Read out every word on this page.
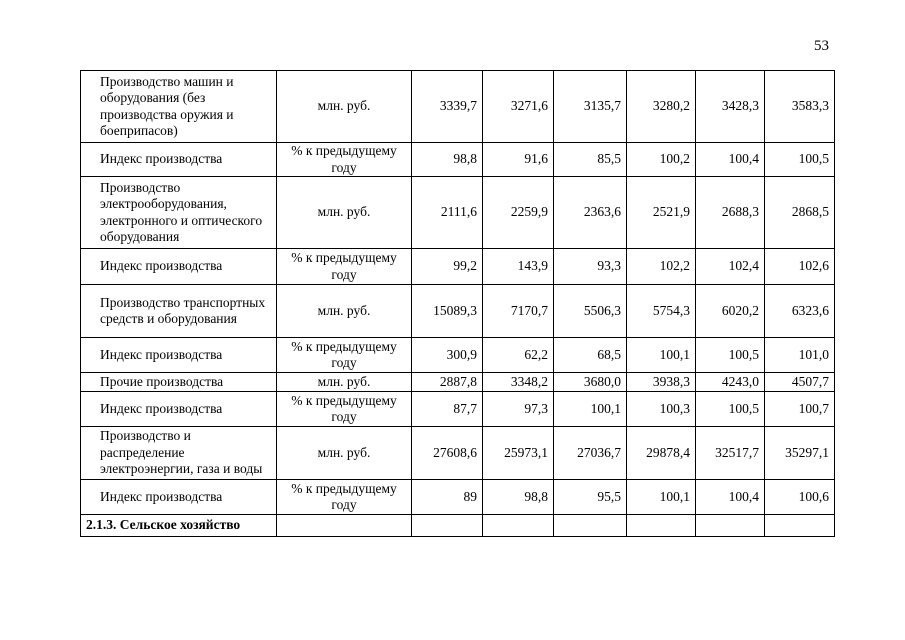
53
Производство машин и оборудования (без производства оружия и боеприпасов)	млн. руб.	3339,7	3271,6	3135,7	3280,2	3428,3	3583,3
Индекс производства	% к предыдущему году	98,8	91,6	85,5	100,2	100,4	100,5
Производство электрооборудования, электронного и оптического оборудования	млн. руб.	2111,6	2259,9	2363,6	2521,9	2688,3	2868,5
Индекс производства	% к предыдущему году	99,2	143,9	93,3	102,2	102,4	102,6
Производство транспортных средств и оборудования	млн. руб.	15089,3	7170,7	5506,3	5754,3	6020,2	6323,6
Индекс производства	% к предыдущему году	300,9	62,2	68,5	100,1	100,5	101,0
Прочие производства	млн. руб.	2887,8	3348,2	3680,0	3938,3	4243,0	4507,7
Индекс производства	% к предыдущему году	87,7	97,3	100,1	100,3	100,5	100,7
Производство и распределение электроэнергии, газа и воды	млн. руб.	27608,6	25973,1	27036,7	29878,4	32517,7	35297,1
Индекс производства	% к предыдущему году	89	98,8	95,5	100,1	100,4	100,6
2.1.3. Сельское хозяйство							
